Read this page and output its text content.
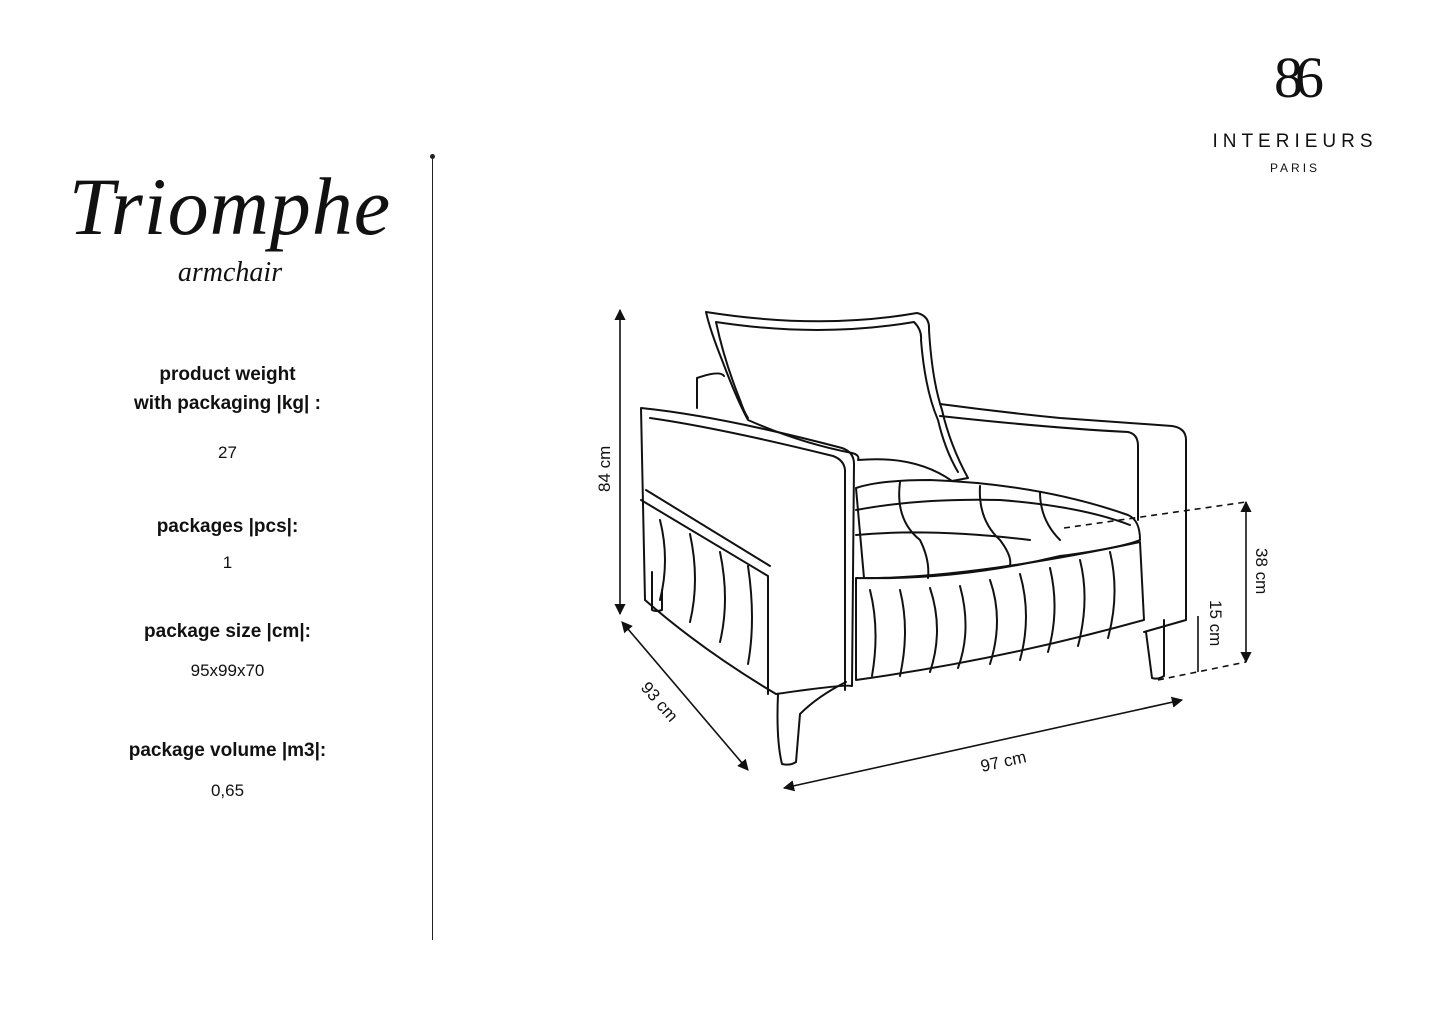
Triomphe
armchair
product weight
with packaging |kg| :
27
packages |pcs|:
1
package size |cm|:
95x99x70
package volume |m3|:
0,65
86
INTERIEURS
PARIS
84 cm
93 cm
97 cm
38 cm
15 cm
